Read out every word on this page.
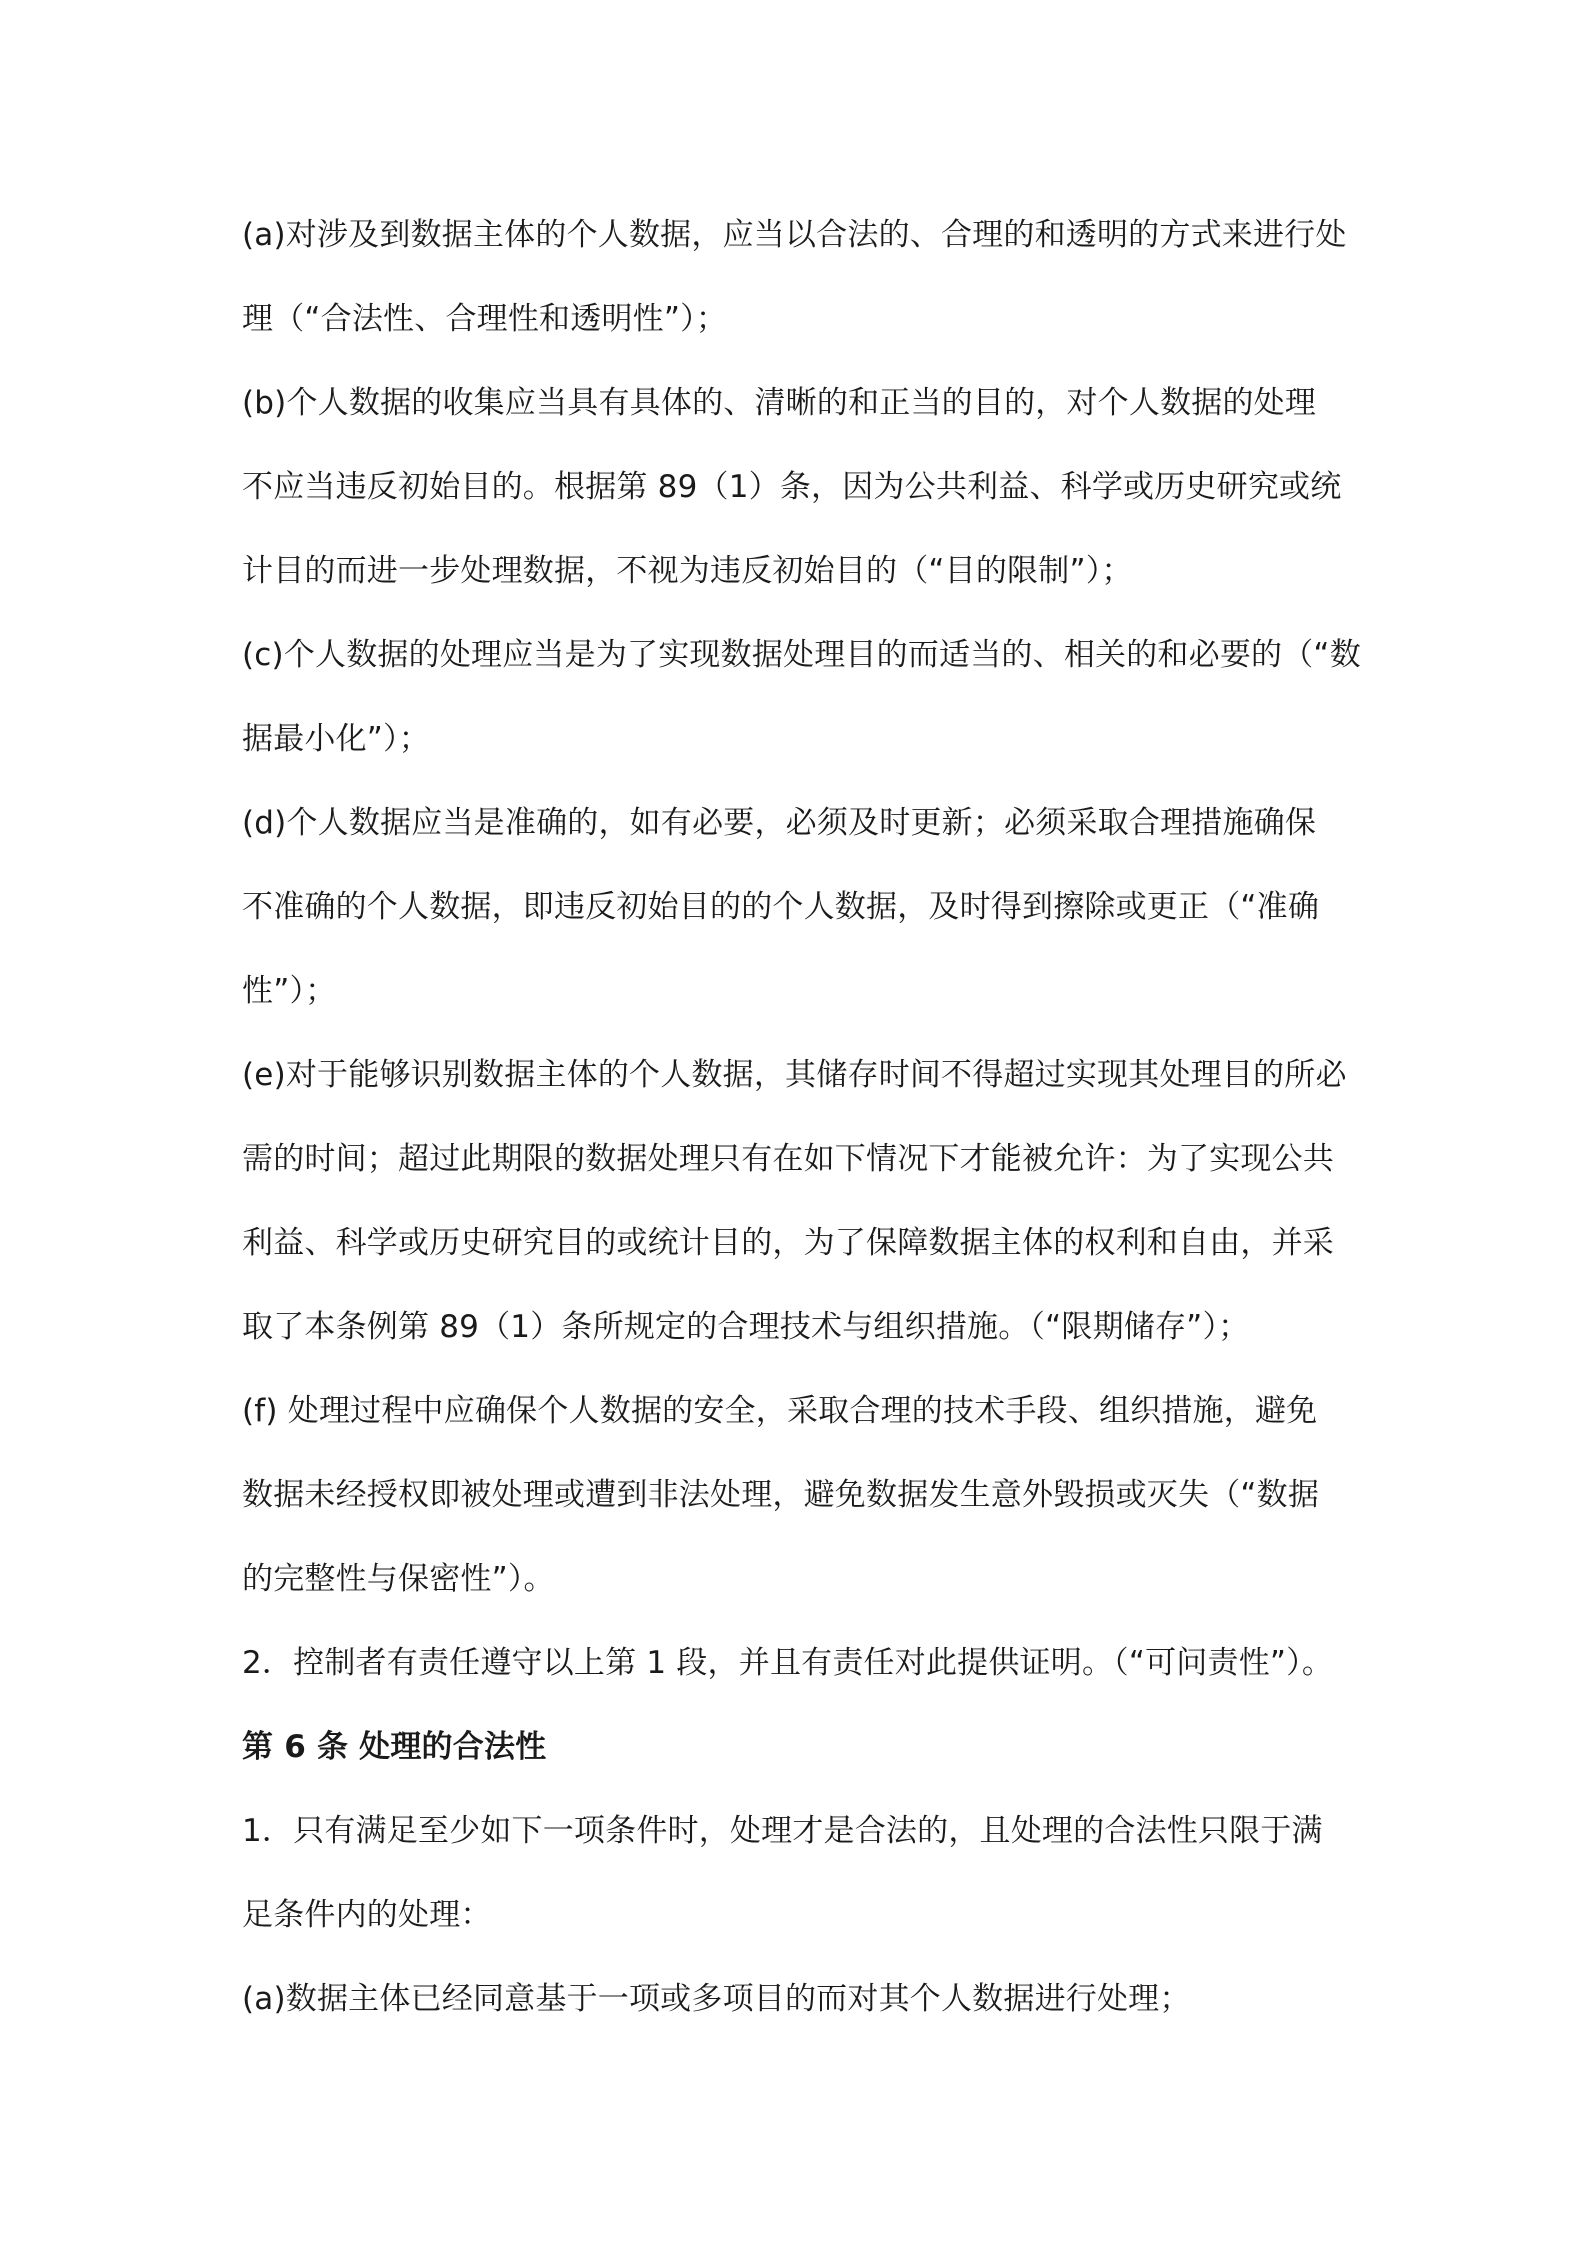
(a)对涉及到数据主体的个人数据，应当以合法的、合理的和透明的方式来进行处
理（“合法性、合理性和透明性”）；
(b)个人数据的收集应当具有具体的、清晰的和正当的目的，对个人数据的处理
不应当违反初始目的。根据第 89（1）条，因为公共利益、科学或历史研究或统
计目的而进一步处理数据，不视为违反初始目的（“目的限制”）；
(c)个人数据的处理应当是为了实现数据处理目的而适当的、相关的和必要的（“数
据最小化”）；
(d)个人数据应当是准确的，如有必要，必须及时更新；必须采取合理措施确保
不准确的个人数据，即违反初始目的的个人数据，及时得到擦除或更正（“准确
性”）；
(e)对于能够识别数据主体的个人数据，其储存时间不得超过实现其处理目的所必
需的时间；超过此期限的数据处理只有在如下情况下才能被允许：为了实现公共
利益、科学或历史研究目的或统计目的，为了保障数据主体的权利和自由，并采
取了本条例第 89（1）条所规定的合理技术与组织措施。（“限期储存”）；
(f) 处理过程中应确保个人数据的安全，采取合理的技术手段、组织措施，避免
数据未经授权即被处理或遭到非法处理，避免数据发生意外毁损或灭失（“数据
的完整性与保密性”）。
2．控制者有责任遵守以上第 1 段，并且有责任对此提供证明。（“可问责性”）。
第 6 条 处理的合法性
1．只有满足至少如下一项条件时，处理才是合法的，且处理的合法性只限于满
足条件内的处理：
(a)数据主体已经同意基于一项或多项目的而对其个人数据进行处理；
